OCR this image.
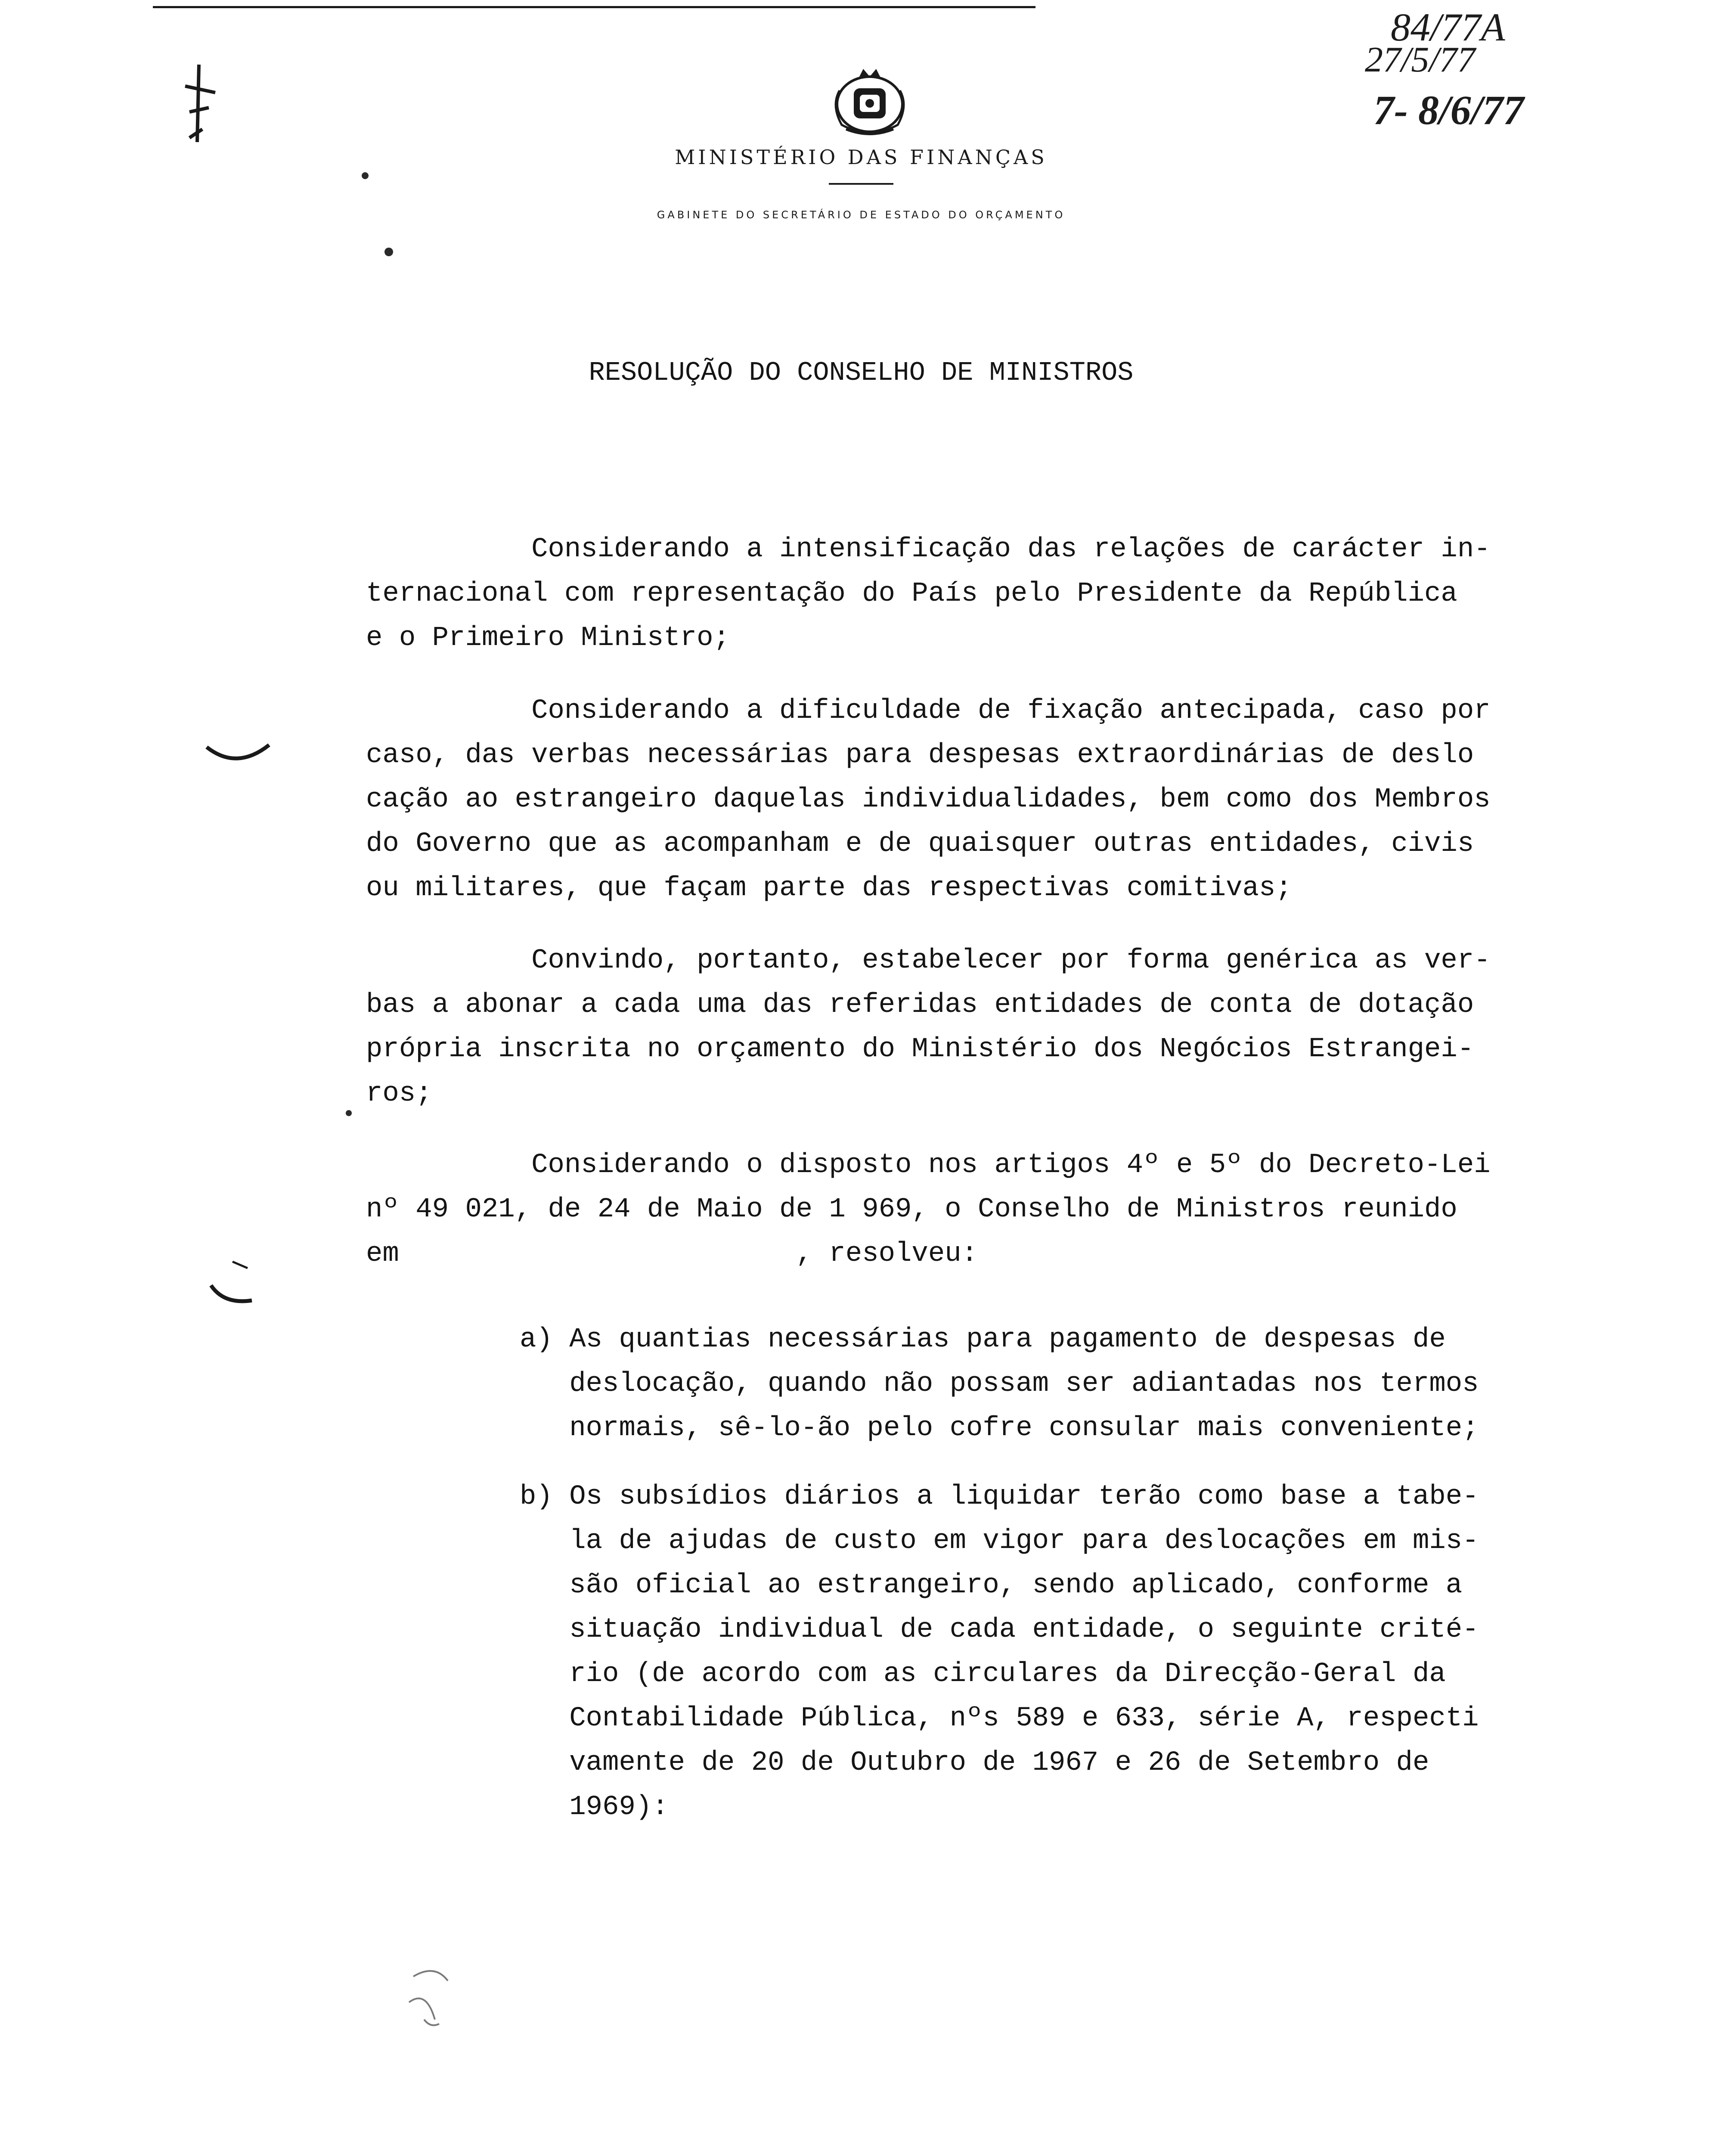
MINISTÉRIO DAS FINANÇAS
GABINETE DO SECRETÁRIO DE ESTADO DO ORÇAMENTO
84/77A
27/5/77
7- 8/6/77
RESOLUÇÃO DO CONSELHO DE MINISTROS
Considerando a intensificação das relações de carácter in-
ternacional com representação do País pelo Presidente da República
e o Primeiro Ministro;
Considerando a dificuldade de fixação antecipada, caso por
caso, das verbas necessárias para despesas extraordinárias de deslo
cação ao estrangeiro daquelas individualidades, bem como dos Membros
do Governo que as acompanham e de quaisquer outras entidades, civis
ou militares, que façam parte das respectivas comitivas;
Convindo, portanto, estabelecer por forma genérica as ver-
bas a abonar a cada uma das referidas entidades de conta de dotação
própria inscrita no orçamento do Ministério dos Negócios Estrangei-
ros;
Considerando o disposto nos artigos 4º e 5º do Decreto-Lei
nº 49 021, de 24 de Maio de 1 969, o Conselho de Ministros reunido
em                        , resolveu:
a) As quantias necessárias para pagamento de despesas de
deslocação, quando não possam ser adiantadas nos termos
normais, sê-lo-ão pelo cofre consular mais conveniente;
b) Os subsídios diários a liquidar terão como base a tabe-
la de ajudas de custo em vigor para deslocações em mis-
são oficial ao estrangeiro, sendo aplicado, conforme a
situação individual de cada entidade, o seguinte crité-
rio (de acordo com as circulares da Direcção-Geral da
Contabilidade Pública, nºs 589 e 633, série A, respecti
vamente de 20 de Outubro de 1967 e 26 de Setembro de
1969):
